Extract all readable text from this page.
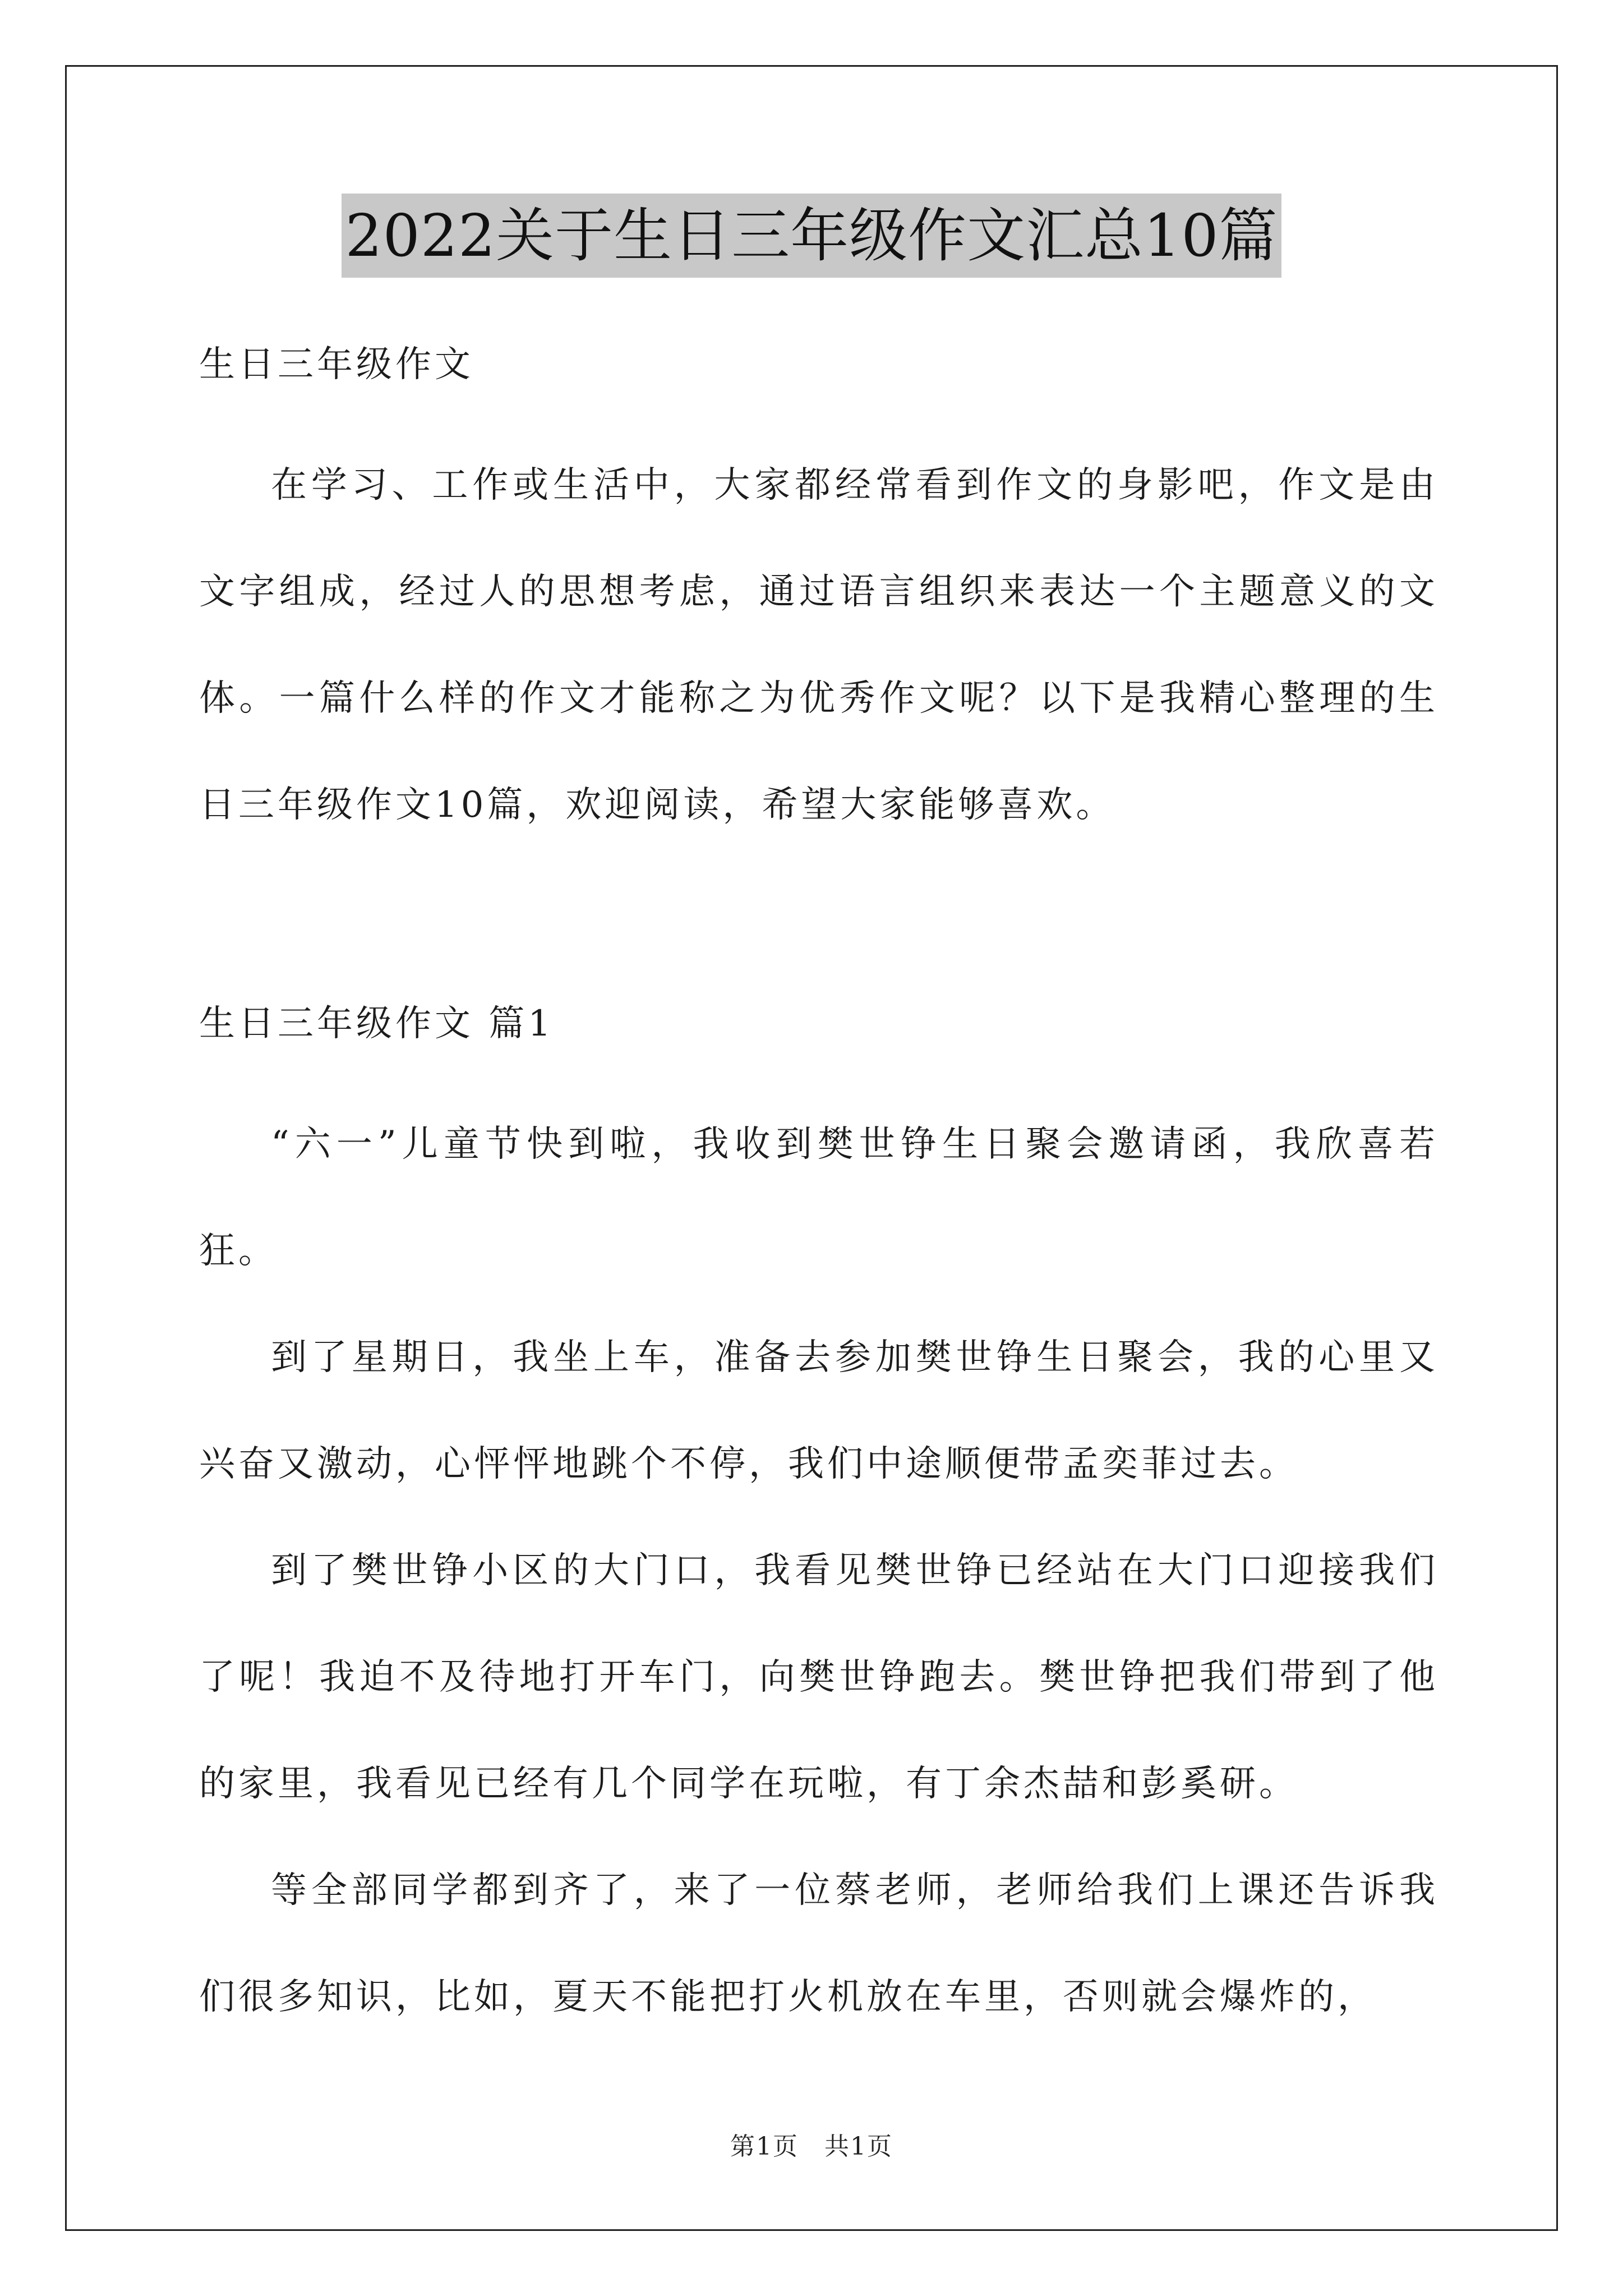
2022关于生日三年级作文汇总10篇
生日三年级作文
在学习、工作或生活中，大家都经常看到作文的身影吧，作文是由文字组成，经过人的思想考虑，通过语言组织来表达一个主题意义的文体。一篇什么样的作文才能称之为优秀作文呢？以下是我精心整理的生日三年级作文10篇，欢迎阅读，希望大家能够喜欢。
生日三年级作文 篇1
“六一”儿童节快到啦，我收到樊世铮生日聚会邀请函，我欣喜若狂。
到了星期日，我坐上车，准备去参加樊世铮生日聚会，我的心里又兴奋又激动，心怦怦地跳个不停，我们中途顺便带孟奕菲过去。
到了樊世铮小区的大门口，我看见樊世铮已经站在大门口迎接我们了呢！我迫不及待地打开车门，向樊世铮跑去。樊世铮把我们带到了他的家里，我看见已经有几个同学在玩啦，有丁余杰喆和彭奚研。
等全部同学都到齐了，来了一位蔡老师，老师给我们上课还告诉我们很多知识，比如，夏天不能把打火机放在车里，否则就会爆炸的，
第1页　共1页
